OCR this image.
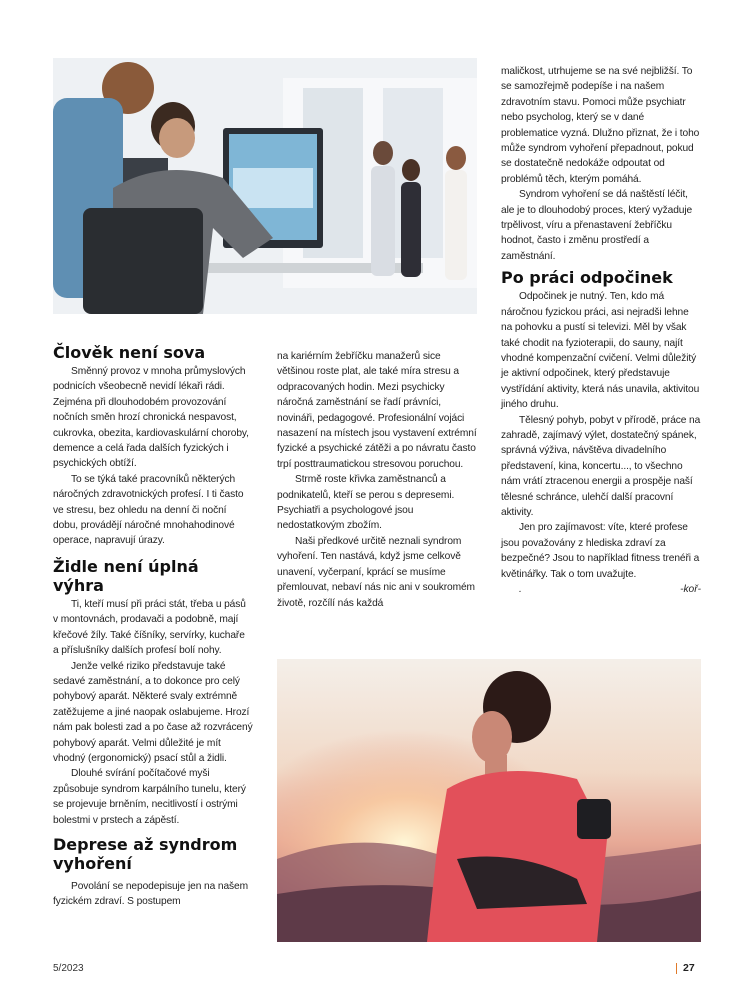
Člověk není sova

Směnný provoz v mnoha průmyslových podnicích všeobecně nevidí lékaři rádi. Zejména při dlouhodobém provozování nočních směn hrozí chronická nespavost, cukrovka, obezita, kardiovaskulární choroby, demence a celá řada dalších fyzických i psychických obtíží.

To se týká také pracovníků některých náročných zdravotnických profesí. I ti často ve stresu, bez ohledu na denní či noční dobu, provádějí náročné mnohahodinové operace, napravují úrazy.

Židle není úplná výhra

Ti, kteří musí při práci stát, třeba u pásů v montovnách, prodavači a podobně, mají křečové žíly. Také číšníky, servírky, kuchaře a příslušníky dalších profesí bolí nohy.

Jenže velké riziko představuje také sedavé zaměstnání, a to dokonce pro celý pohybový aparát. Některé svaly extrémně zatěžujeme a jiné naopak oslabujeme. Hrozí nám pak bolesti zad a po čase až rozvrácený pohybový aparát. Velmi důležité je mít vhodný (ergonomický) psací stůl a židli.

Dlouhé svírání počítačové myši způsobuje syndrom karpálního tunelu, který se projevuje brněním, necitlivostí i ostrými bolestmi v prstech a zápěstí.

Deprese až syndrom vyhoření

Povolání se nepodepisuje jen na našem fyzickém zdraví. S postupem

na kariérním žebříčku manažerů sice většinou roste plat, ale také míra stresu a odpracovaných hodin. Mezi psychicky náročná zaměstnání se řadí právníci, novináři, pedagogové. Profesionální vojáci nasazení na místech jsou vystavení extrémní fyzické a psychické zátěži a po návratu často trpí posttraumatickou stresovou poruchou.

Strmě roste křivka zaměstnanců a podnikatelů, kteří se perou s depresemi. Psychiatři a psychologové jsou nedostatkovým zbožím.

Naši předkové určitě neznali syndrom vyhoření. Ten nastává, když jsme celkově unavení, vyčerpaní, kprácí se musíme přemlouvat, nebaví nás nic ani v soukromém životě, rozčílí nás každá

maličkost, utrhujeme se na své nejbližší. To se samozřejmě podepíše i na našem zdravotním stavu. Pomoci může psychiatr nebo psycholog, který se v dané problematice vyzná. Dlužno přiznat, že i toho může syndrom vyhoření přepadnout, pokud se dostatečně nedokáže odpoutat od problémů těch, kterým pomáhá.

Syndrom vyhoření se dá naštěstí léčit, ale je to dlouhodobý proces, který vyžaduje trpělivost, víru a přenastavení žebříčku hodnot, často i změnu prostředí a zaměstnání.

Po práci odpočinek

Odpočinek je nutný. Ten, kdo má náročnou fyzickou práci, asi nejradši lehne na pohovku a pustí si televizi. Měl by však také chodit na fyzioterapii, do sauny, najít vhodné kompenzační cvičení. Velmi důležitý je aktivní odpočinek, který představuje vystřídání aktivity, která nás unavila, aktivitou jiného druhu.

Tělesný pohyb, pobyt v přírodě, práce na zahradě, zajímavý výlet, dostatečný spánek, správná výživa, návštěva divadelního představení, kina, koncertu..., to všechno nám vrátí ztracenou energii a prospěje naší tělesné schránce, ulehčí další pracovní aktivity.

Jen pro zajímavost: víte, které profese jsou považovány z hlediska zdraví za bezpečné? Jsou to například fitness trenéři a květinářky. Tak o tom uvažujte.

.	-koř-
5/2023	27
